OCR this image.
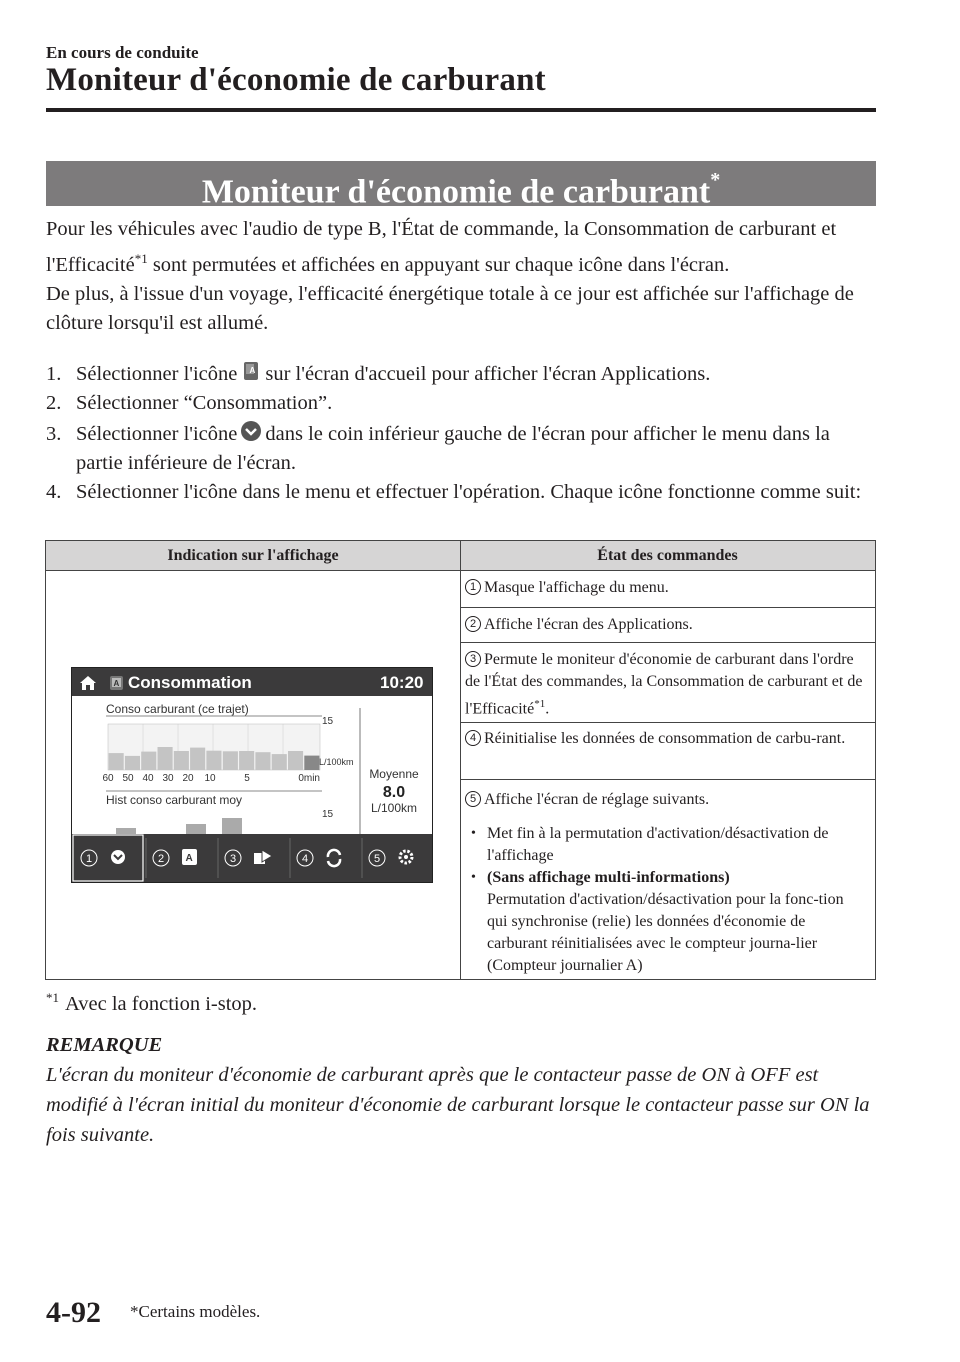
En cours de conduite
Moniteur d'économie de carburant
Moniteur d'économie de carburant*
Pour les véhicules avec l'audio de type B, l'État de commande, la Consommation de carburant et l'Efficacité$^{*1}$ sont permutées et affichées en appuyant sur chaque icône dans l'écran.
De plus, à l'issue d'un voyage, l'efficacité énergétique totale à ce jour est affichée sur l'affichage de clôture lorsqu'il est allumé.
1. Sélectionner l'icône A sur l'écran d'accueil pour afficher l'écran Applications.
2. Sélectionner “Consommation”.
3. Sélectionner l'icône dans le coin inférieur gauche de l'écran pour afficher le menu dans la partie inférieure de l'écran.
4. Sélectionner l'icône dans le menu et effectuer l'opération. Chaque icône fonctionne comme suit:
Indication sur l'affichage	État des commandes
1 Masque l'affichage du menu.
2 Affiche l'écran des Applications.
3 Permute le moniteur d'économie de carburant dans l'ordre de l'État des commandes, la Consommation de carburant et de l'Efficacité$^{*1}$.
4 Réinitialise les données de consommation de carbu-rant.
5 Affiche l'écran de réglage suivants.
• Met fin à la permutation d'activation/désactivation de l'affichage
• (Sans affichage multi-informations)
Permutation d'activation/désactivation pour la fonc-tion qui synchronise (relie) les données d'économie de carburant réinitialisées avec le compteur journa-lier (Compteur journalier A)
A Consommation	10:20
Conso carburant (ce trajet)
15
L/100km
60 50 40 30 20 10	5	0min	Moyenne
8.0
L/100km
Hist conso carburant moy
15
1	2 A	3	4	5
$^{*1}$ Avec la fonction i-stop.
REMARQUE
L'écran du moniteur d'économie de carburant après que le contacteur passe de ON à OFF est modifié à l'écran initial du moniteur d'économie de carburant lorsque le contacteur passe sur ON la fois suivante.
4-92 *Certains modèles.
